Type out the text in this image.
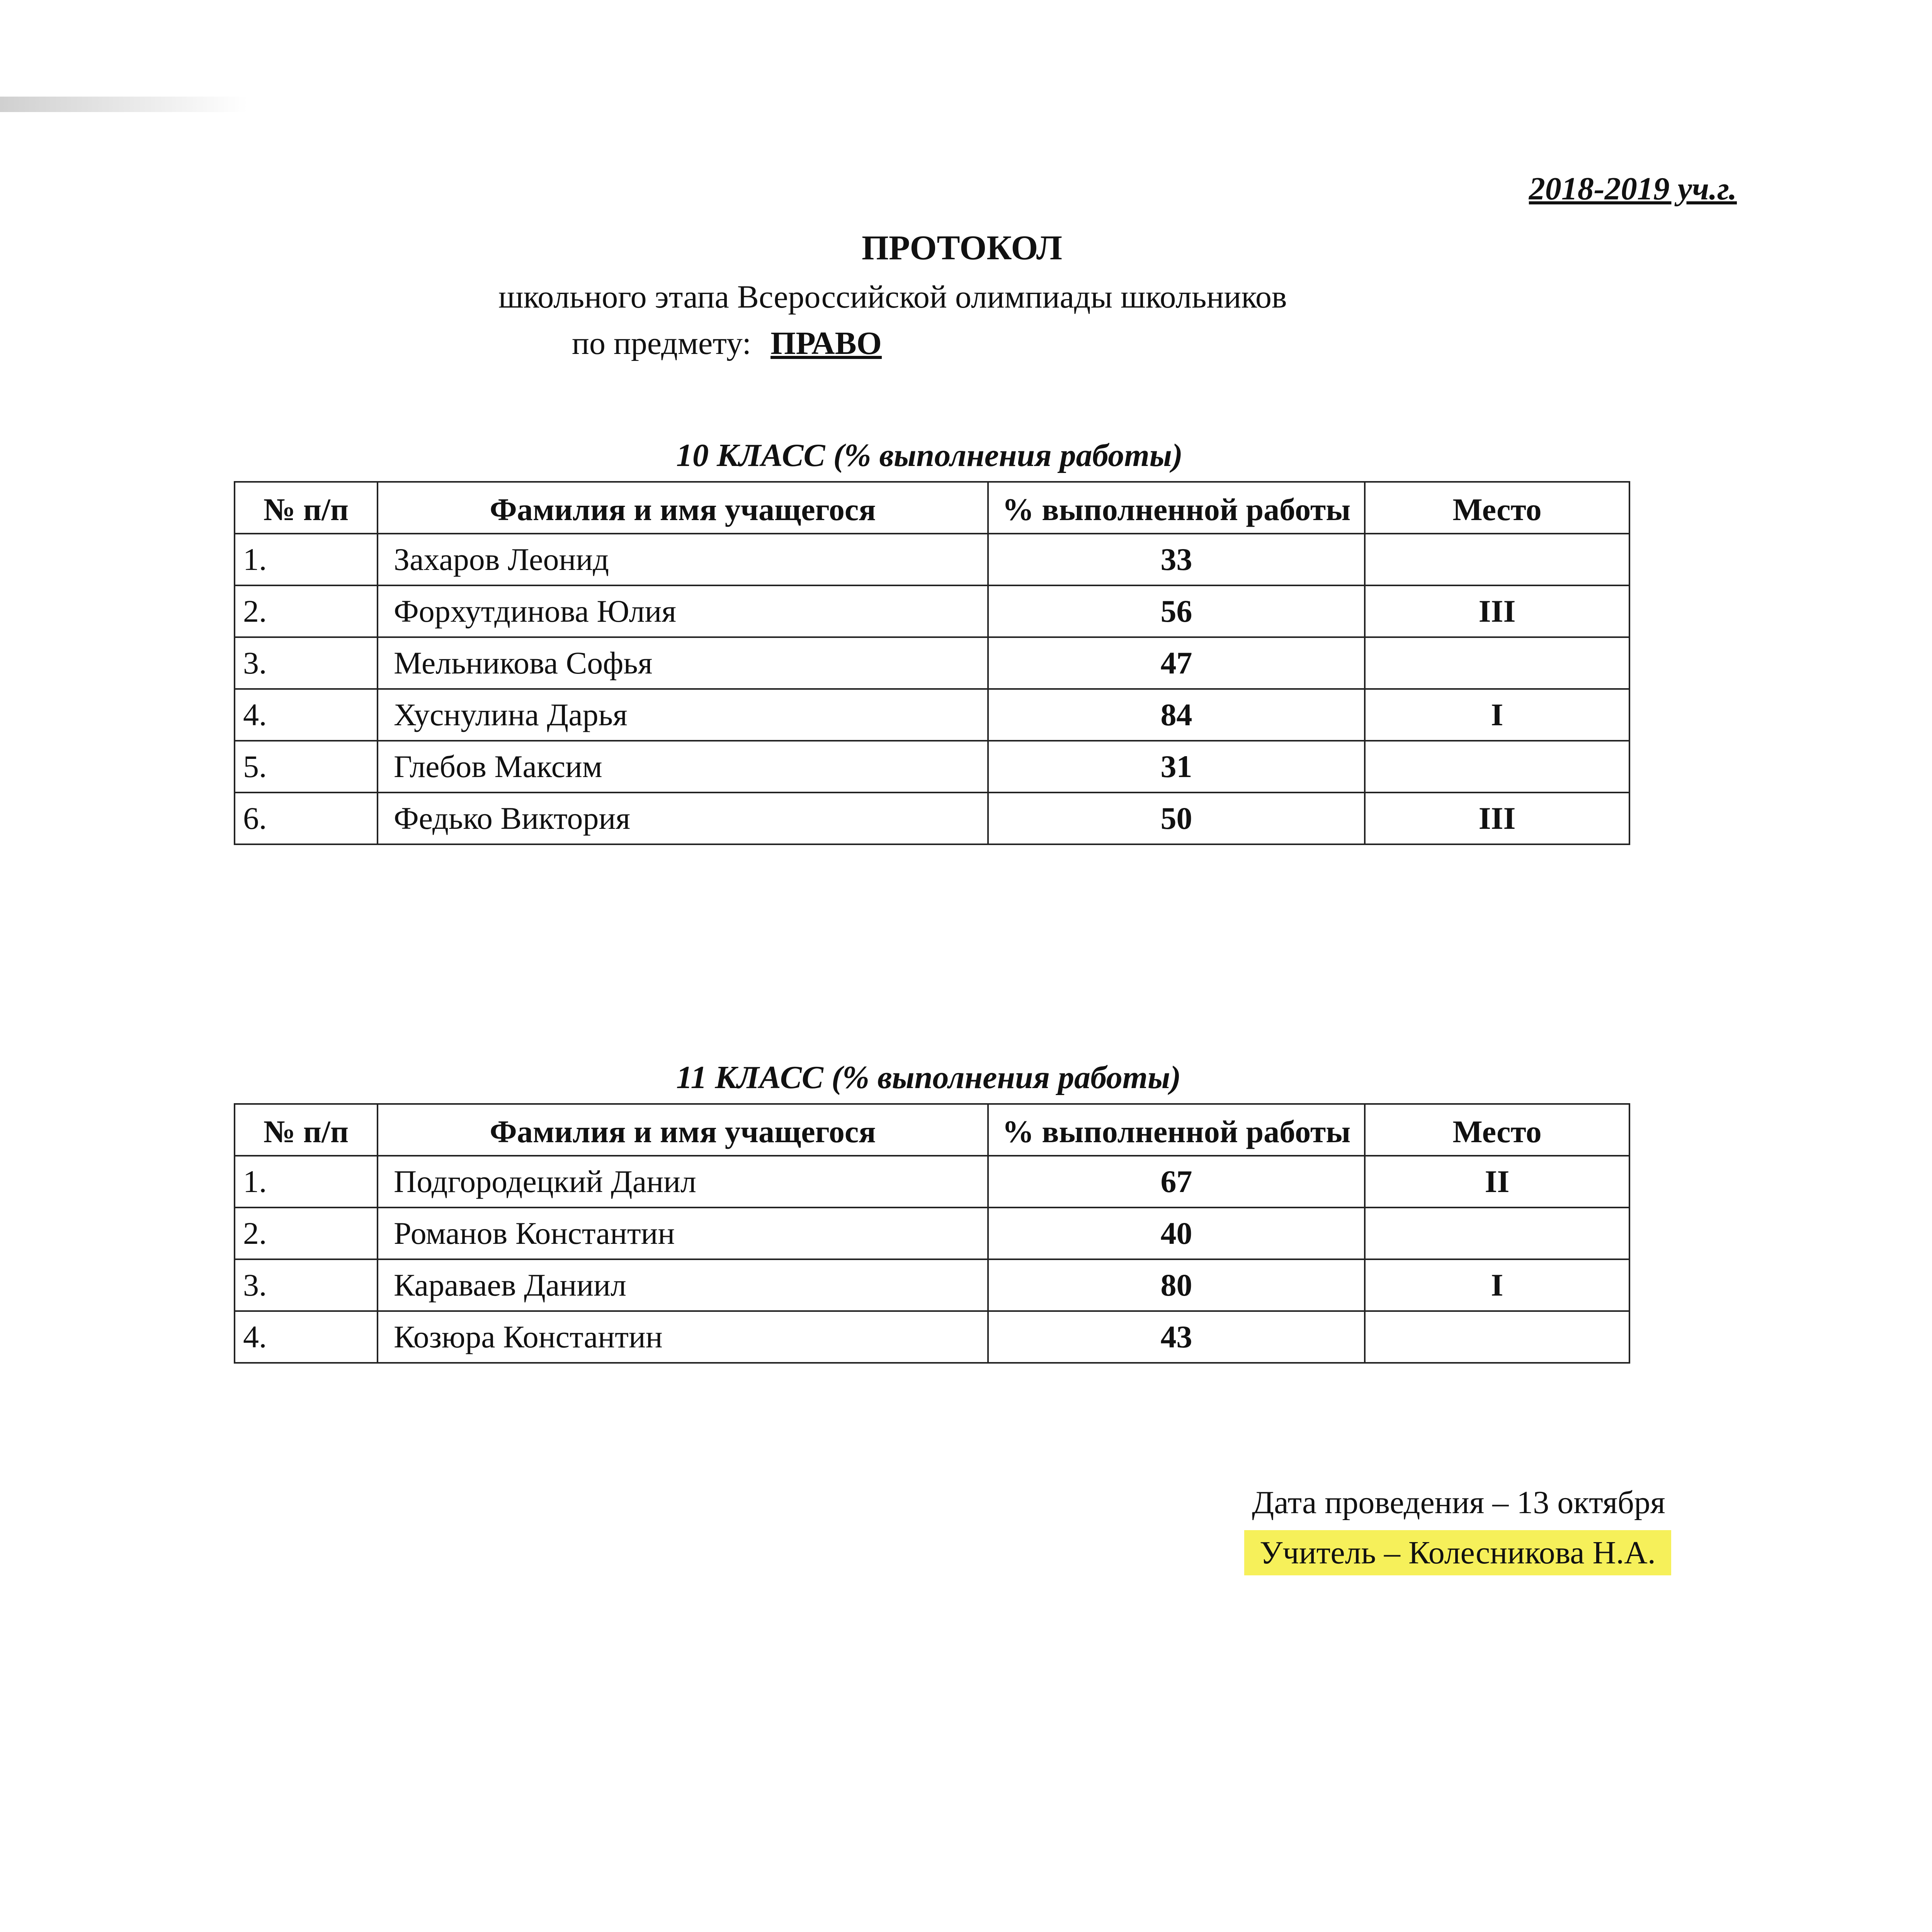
2018-2019 уч.г.
ПРОТОКОЛ
школьного этапа Всероссийской олимпиады школьников
по предмету: ПРАВО
10 КЛАСС (% выполнения работы)
№ п/п	Фамилия и имя учащегося	% выполненной работы	Место
1.	Захаров Леонид	33	
2.	Форхутдинова Юлия	56	III
3.	Мельникова Софья	47	
4.	Хуснулина Дарья	84	I
5.	Глебов Максим	31	
6.	Федько Виктория	50	III
11 КЛАСС (% выполнения работы)
№ п/п	Фамилия и имя учащегося	% выполненной работы	Место
1.	Подгородецкий Данил	67	II
2.	Романов Константин	40	
3.	Караваев Даниил	80	I
4.	Козюра Константин	43	
Дата проведения – 13 октября
Учитель – Колесникова Н.А.
